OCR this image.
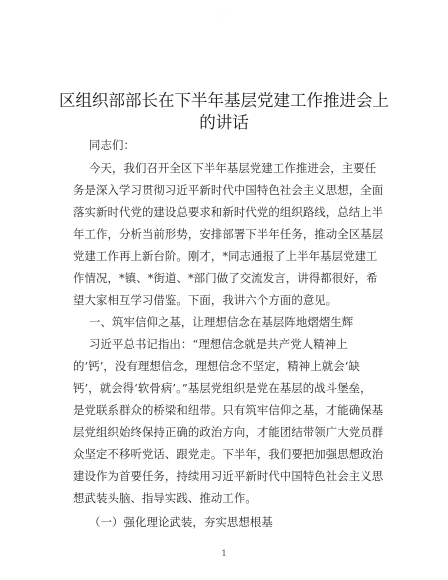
区组织部部长在下半年基层党建工作推进会上
的讲话
同志们：
今天，我们召开全区下半年基层党建工作推进会，主要任
务是深入学习贯彻习近平新时代中国特色社会主义思想，全面
落实新时代党的建设总要求和新时代党的组织路线，总结上半
年工作，分析当前形势，安排部署下半年任务，推动全区基层
党建工作再上新台阶。刚才，*同志通报了上半年基层党建工
作情况，*镇、*街道、*部门做了交流发言，讲得都很好，希
望大家相互学习借鉴。下面，我讲六个方面的意见。
一、筑牢信仰之基，让理想信念在基层阵地熠熠生辉
习近平总书记指出：“理想信念就是共产党人精神上
的‘钙’，没有理想信念，理想信念不坚定，精神上就会‘缺
钙’，就会得‘软骨病’。”基层党组织是党在基层的战斗堡垒，
是党联系群众的桥梁和纽带。只有筑牢信仰之基，才能确保基
层党组织始终保持正确的政治方向，才能团结带领广大党员群
众坚定不移听党话、跟党走。下半年，我们要把加强思想政治
建设作为首要任务，持续用习近平新时代中国特色社会主义思
想武装头脑、指导实践、推动工作。
（一）强化理论武装，夯实思想根基
1
